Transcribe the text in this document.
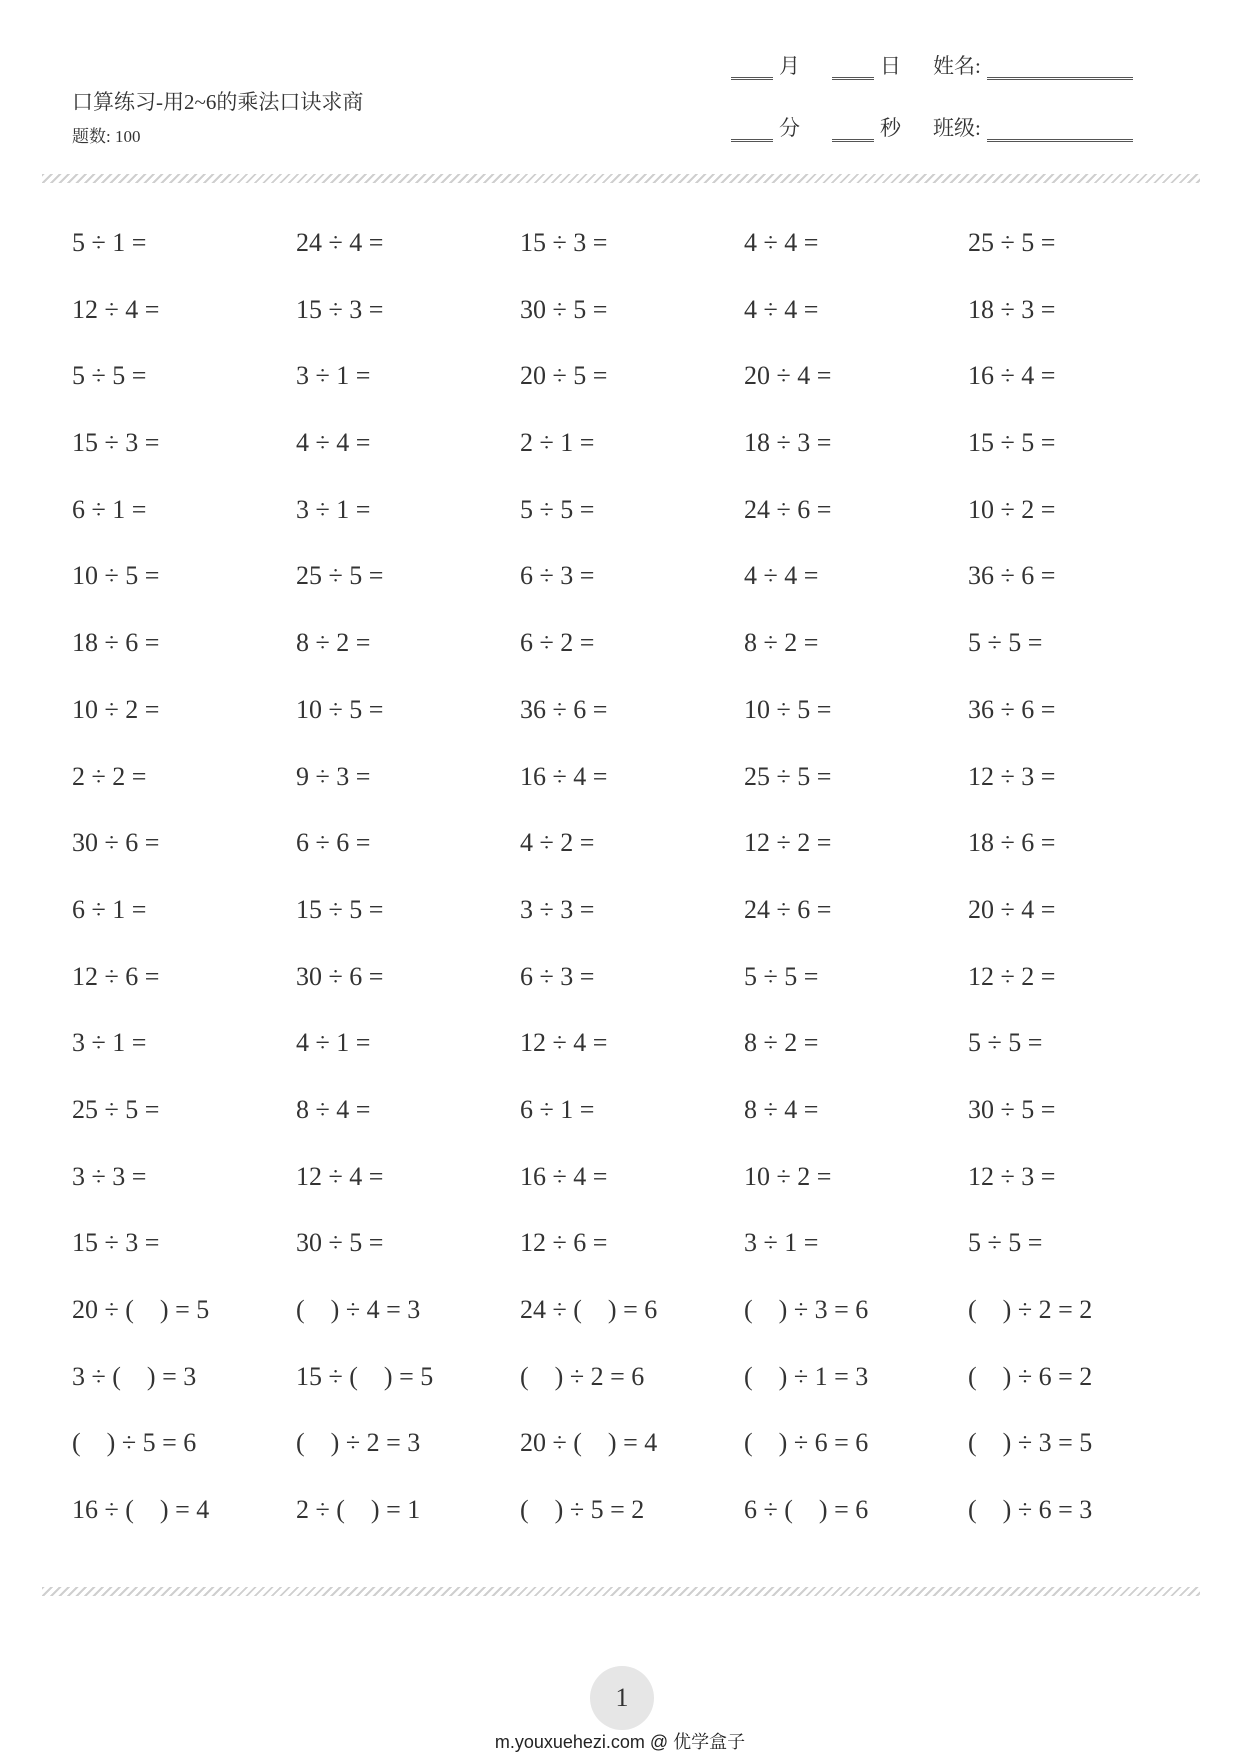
口算练习-用2~6的乘法口诀求商
题数: 100
月	日 姓名:
分	秒 班级:
5 ÷ 1 =	24 ÷ 4 =	15 ÷ 3 =	4 ÷ 4 =	25 ÷ 5 =
12 ÷ 4 =	15 ÷ 3 =	30 ÷ 5 =	4 ÷ 4 =	18 ÷ 3 =
5 ÷ 5 =	3 ÷ 1 =	20 ÷ 5 =	20 ÷ 4 =	16 ÷ 4 =
15 ÷ 3 =	4 ÷ 4 =	2 ÷ 1 =	18 ÷ 3 =	15 ÷ 5 =
6 ÷ 1 =	3 ÷ 1 =	5 ÷ 5 =	24 ÷ 6 =	10 ÷ 2 =
10 ÷ 5 =	25 ÷ 5 =	6 ÷ 3 =	4 ÷ 4 =	36 ÷ 6 =
18 ÷ 6 =	8 ÷ 2 =	6 ÷ 2 =	8 ÷ 2 =	5 ÷ 5 =
10 ÷ 2 =	10 ÷ 5 =	36 ÷ 6 =	10 ÷ 5 =	36 ÷ 6 =
2 ÷ 2 =	9 ÷ 3 =	16 ÷ 4 =	25 ÷ 5 =	12 ÷ 3 =
30 ÷ 6 =	6 ÷ 6 =	4 ÷ 2 =	12 ÷ 2 =	18 ÷ 6 =
6 ÷ 1 =	15 ÷ 5 =	3 ÷ 3 =	24 ÷ 6 =	20 ÷ 4 =
12 ÷ 6 =	30 ÷ 6 =	6 ÷ 3 =	5 ÷ 5 =	12 ÷ 2 =
3 ÷ 1 =	4 ÷ 1 =	12 ÷ 4 =	8 ÷ 2 =	5 ÷ 5 =
25 ÷ 5 =	8 ÷ 4 =	6 ÷ 1 =	8 ÷ 4 =	30 ÷ 5 =
3 ÷ 3 =	12 ÷ 4 =	16 ÷ 4 =	10 ÷ 2 =	12 ÷ 3 =
15 ÷ 3 =	30 ÷ 5 =	12 ÷ 6 =	3 ÷ 1 =	5 ÷ 5 =
20 ÷ (    ) = 5	(    ) ÷ 4 = 3	24 ÷ (    ) = 6	(    ) ÷ 3 = 6	(    ) ÷ 2 = 2
3 ÷ (    ) = 3	15 ÷ (    ) = 5	(    ) ÷ 2 = 6	(    ) ÷ 1 = 3	(    ) ÷ 6 = 2
(    ) ÷ 5 = 6	(    ) ÷ 2 = 3	20 ÷ (    ) = 4	(    ) ÷ 6 = 6	(    ) ÷ 3 = 5
16 ÷ (    ) = 4	2 ÷ (    ) = 1	(    ) ÷ 5 = 2	6 ÷ (    ) = 6	(    ) ÷ 6 = 3
1
m.youxuehezi.com @ 优学盒子
